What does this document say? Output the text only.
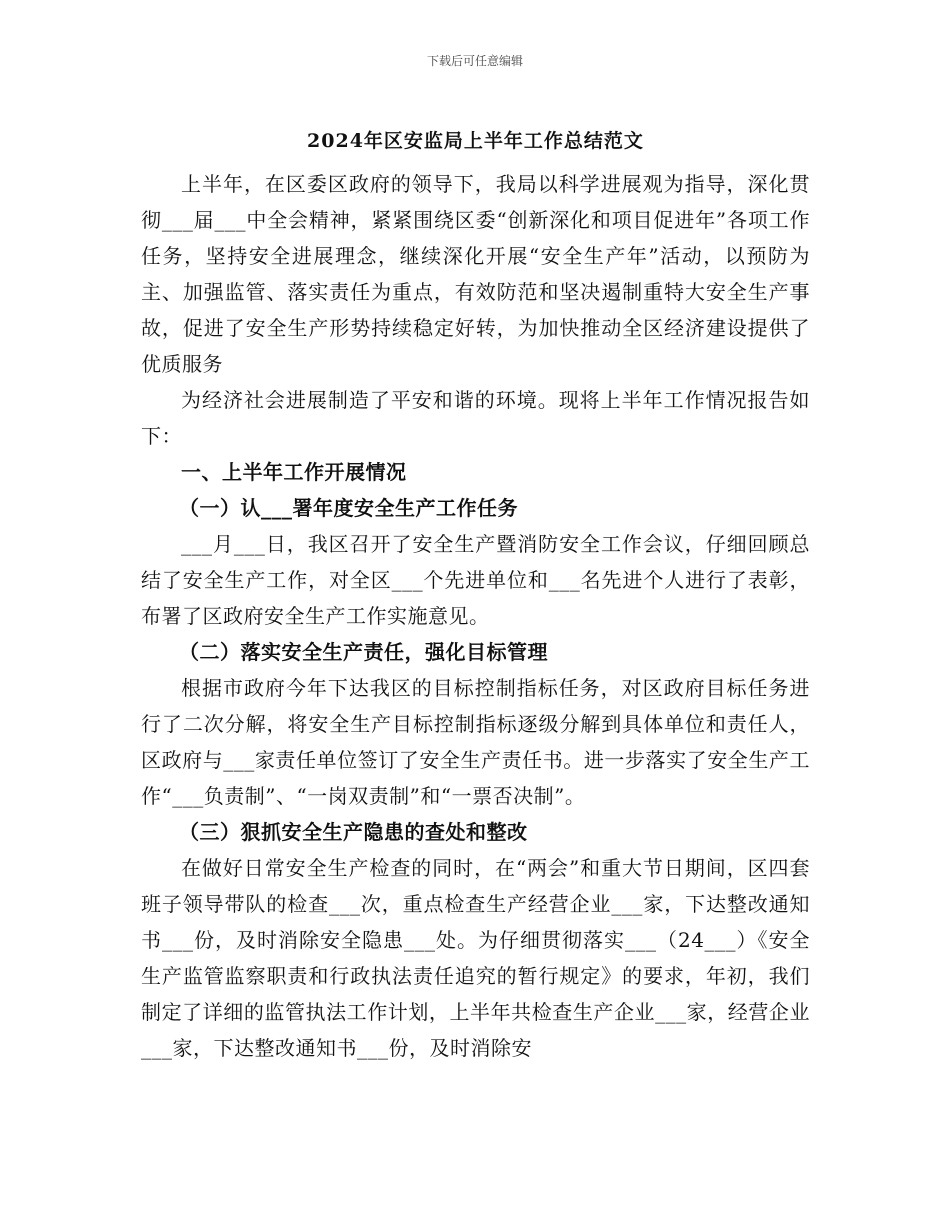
下载后可任意编辑
2024年区安监局上半年工作总结范文

上半年，在区委区政府的领导下，我局以科学进展观为指导，深化贯彻___届___中全会精神，紧紧围绕区委“创新深化和项目促进年”各项工作任务，坚持安全进展理念，继续深化开展“安全生产年”活动，以预防为主、加强监管、落实责任为重点，有效防范和坚决遏制重特大安全生产事故，促进了安全生产形势持续稳定好转，为加快推动全区经济建设提供了优质服务

为经济社会进展制造了平安和谐的环境。现将上半年工作情况报告如下：

一、上半年工作开展情况

（一）认___署年度安全生产工作任务

___月___日，我区召开了安全生产暨消防安全工作会议，仔细回顾总结了安全生产工作，对全区___个先进单位和___名先进个人进行了表彰，布署了区政府安全生产工作实施意见。

（二）落实安全生产责任，强化目标管理

根据市政府今年下达我区的目标控制指标任务，对区政府目标任务进行了二次分解，将安全生产目标控制指标逐级分解到具体单位和责任人，区政府与___家责任单位签订了安全生产责任书。进一步落实了安全生产工作“___负责制”、“一岗双责制”和“一票否决制”。

（三）狠抓安全生产隐患的查处和整改

在做好日常安全生产检查的同时，在“两会”和重大节日期间，区四套班子领导带队的检查___次，重点检查生产经营企业___家，下达整改通知书___份，及时消除安全隐患___处。为仔细贯彻落实___（24___）《安全生产监管监察职责和行政执法责任追究的暂行规定》的要求，年初，我们制定了详细的监管执法工作计划，上半年共检查生产企业___家，经营企业___家，下达整改通知书___份，及时消除安
